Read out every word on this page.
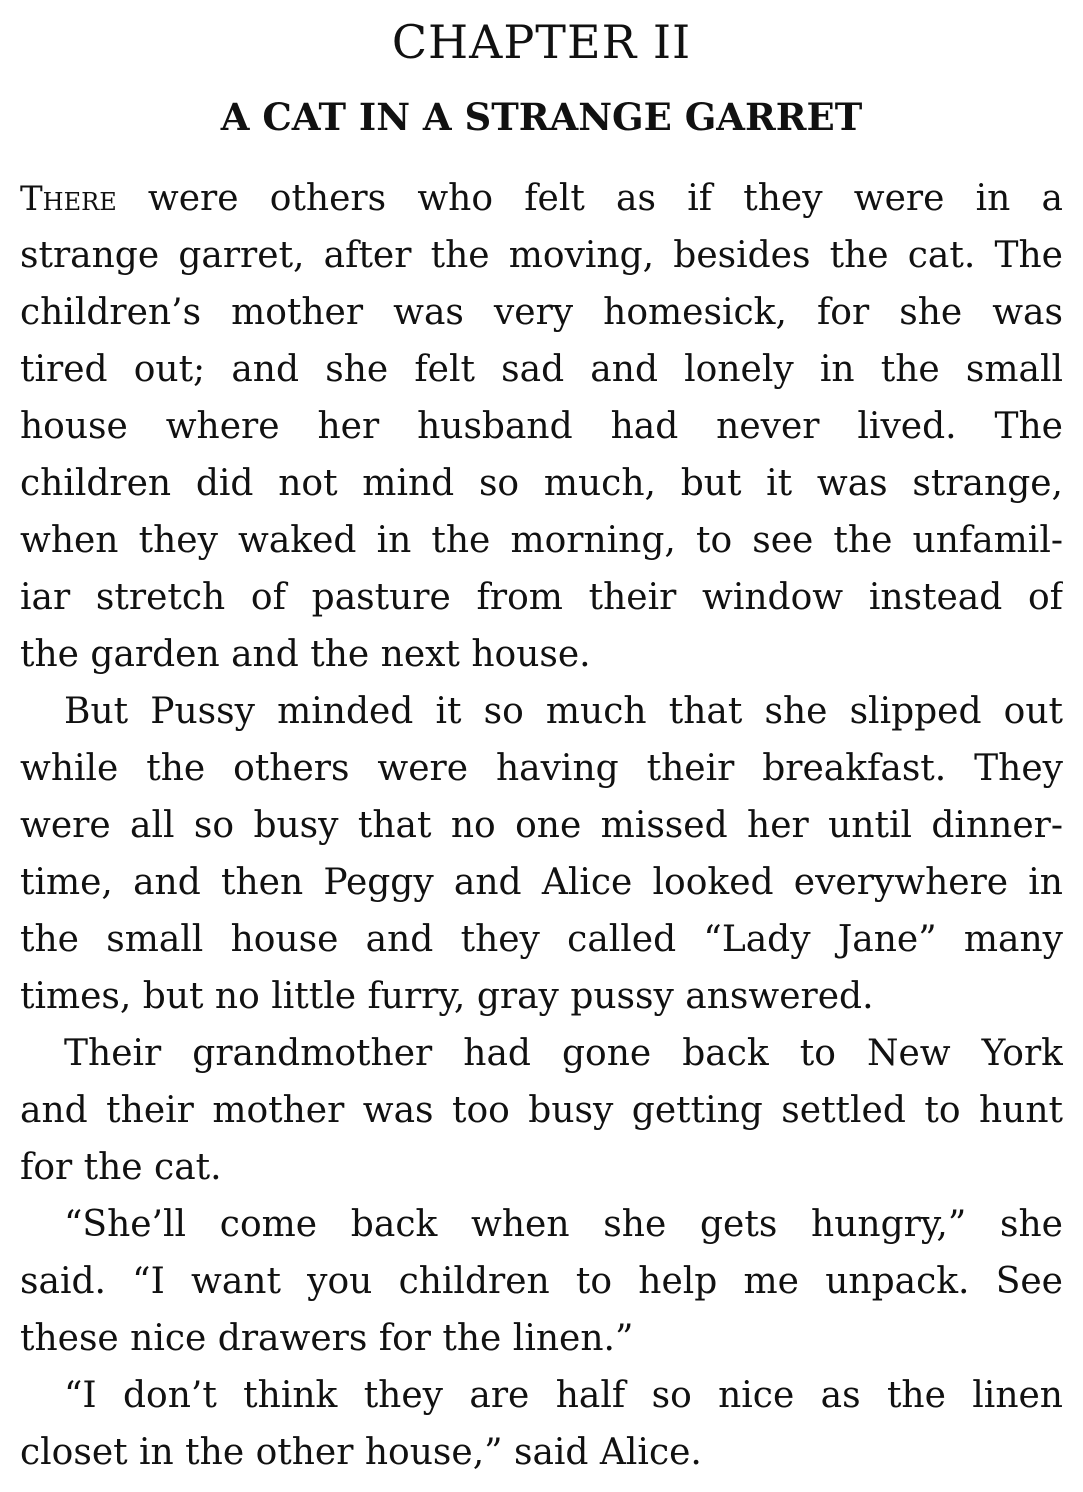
CHAPTER II
A CAT IN A STRANGE GARRET
There were others who felt as if they were in a
strange garret, after the moving, besides the cat. The
children’s mother was very homesick, for she was
tired out; and she felt sad and lonely in the small
house where her husband had never lived. The
children did not mind so much, but it was strange,
when they waked in the morning, to see the unfamil-
iar stretch of pasture from their window instead of
the garden and the next house.
But Pussy minded it so much that she slipped out
while the others were having their breakfast. They
were all so busy that no one missed her until dinner-
time, and then Peggy and Alice looked everywhere in
the small house and they called “Lady Jane” many
times, but no little furry, gray pussy answered.
Their grandmother had gone back to New York
and their mother was too busy getting settled to hunt
for the cat.
“She’ll come back when she gets hungry,” she
said. “I want you children to help me unpack. See
these nice drawers for the linen.”
“I don’t think they are half so nice as the linen
closet in the other house,” said Alice.
